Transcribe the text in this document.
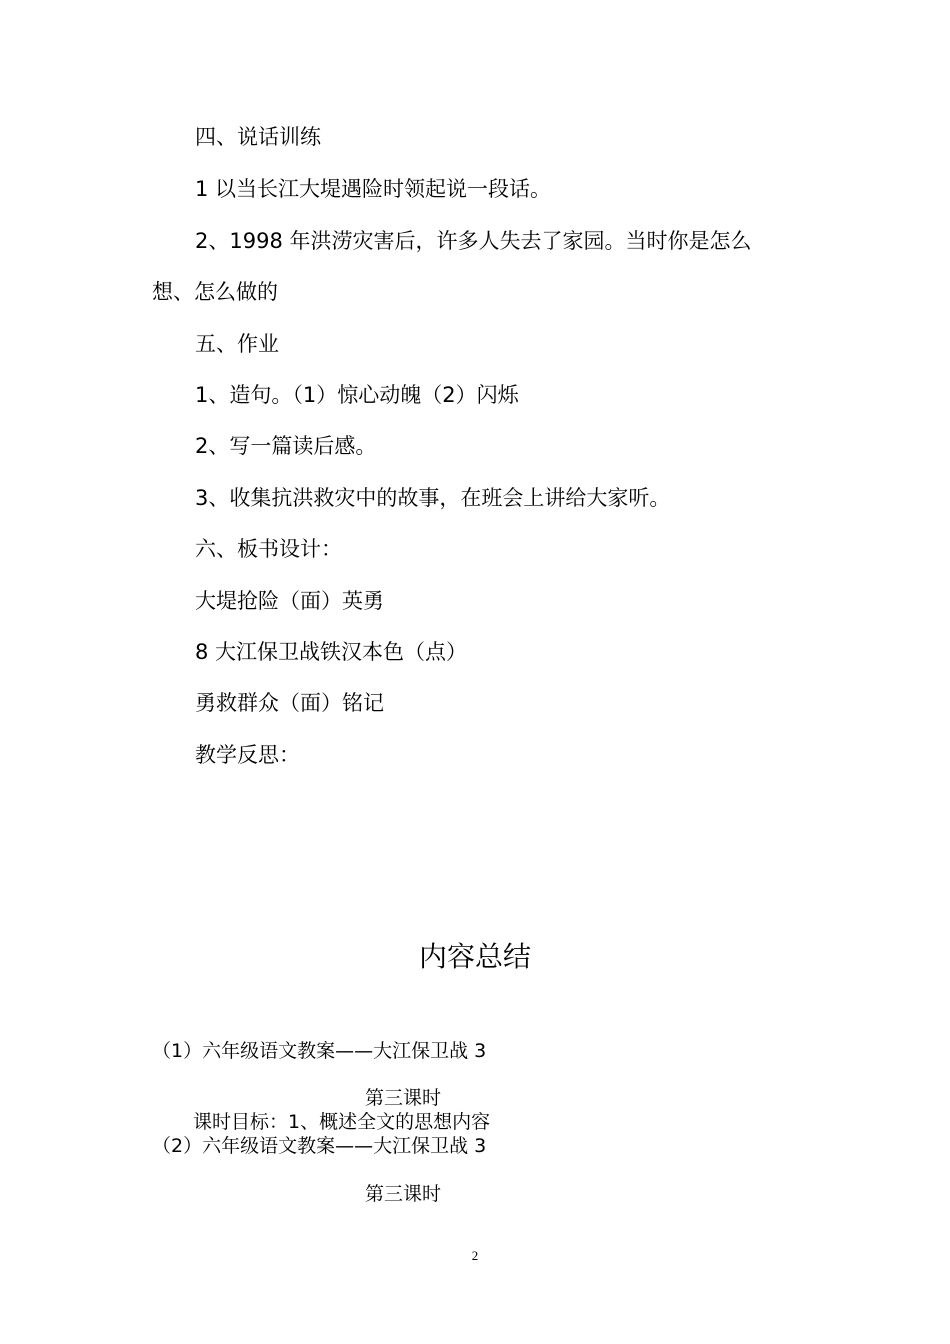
四、说话训练
1 以当长江大堤遇险时领起说一段话。
2、1998 年洪涝灾害后，许多人失去了家园。当时你是怎么
想、怎么做的
五、作业
1、造句。（1）惊心动魄（2）闪烁
2、写一篇读后感。
3、收集抗洪救灾中的故事，在班会上讲给大家听。
六、板书设计：
大堤抢险（面）英勇
8 大江保卫战铁汉本色（点）
勇救群众（面）铭记
教学反思：
内容总结
（1）六年级语文教案——大江保卫战 3
第三课时
课时目标：1、概述全文的思想内容
（2）六年级语文教案——大江保卫战 3
第三课时
2
